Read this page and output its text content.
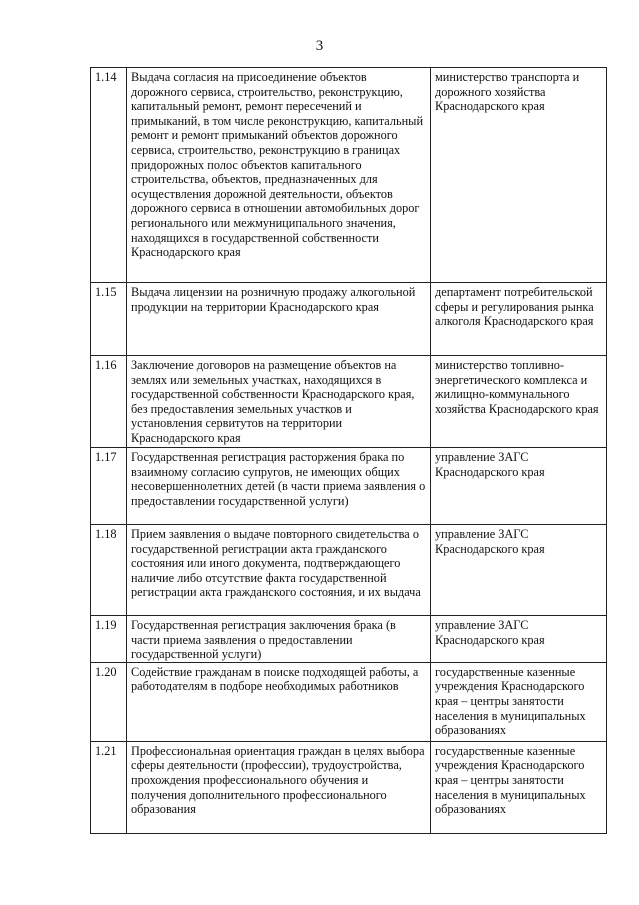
3
1.14	Выдача согласия на присоединение объектов дорожного сервиса, строительство, реконструкцию, капитальный ремонт, ремонт пересечений и примыканий, в том числе реконструкцию, капитальный ремонт и ремонт примыканий объектов дорожного сервиса, строительство, реконструкцию в границах придорожных полос объектов капитального строительства, объектов, предназначенных для осуществления дорожной деятельности, объектов дорожного сервиса в отношении автомобильных дорог регионального или межмуниципального значения, находящихся в государственной собственности Краснодарского края	министерство транспорта и дорожного хозяйства Краснодарского края
1.15	Выдача лицензии на розничную продажу алкогольной продукции на территории Краснодарского края	департамент потребительской сферы и регулирования рынка алкоголя Краснодарского края
1.16	Заключение договоров на размещение объектов на землях или земельных участках, находящихся в государственной собственности Краснодарского края, без предоставления земельных участков и установления сервитутов на территории Краснодарского края	министерство топливно-энергетического комплекса и жилищно-коммунального хозяйства Краснодарского края
1.17	Государственная регистрация расторжения брака по взаимному согласию супругов, не имеющих общих несовершеннолетних детей (в части приема заявления о предоставлении государственной услуги)	управление ЗАГС Краснодарского края
1.18	Прием заявления о выдаче повторного свидетельства о государственной регистрации акта гражданского состояния или иного документа, подтверждающего наличие либо отсутствие факта государственной регистрации акта гражданского состояния, и их выдача	управление ЗАГС Краснодарского края
1.19	Государственная регистрация заключения брака (в части приема заявления о предоставлении государственной услуги)	управление ЗАГС Краснодарского края
1.20	Содействие гражданам в поиске подходящей работы, а работодателям в подборе необходимых работников	государственные казенные учреждения Краснодарского края – центры занятости населения в муниципальных образованиях
1.21	Профессиональная ориентация граждан в целях выбора сферы деятельности (профессии), трудоустройства, прохождения профессионального обучения и получения дополнительного профессионального образования	государственные казенные учреждения Краснодарского края – центры занятости населения в муниципальных образованиях
